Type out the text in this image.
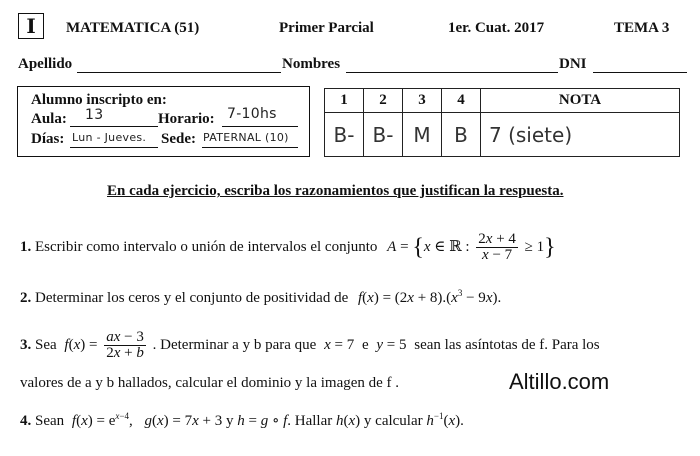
I	MATEMATICA (51)	Primer Parcial	1er. Cuat. 2017	TEMA 3
Apellido	Nombres	DNI
Alumno inscripto en:
Aula: 13	Horario: 7-10hs
Días: Lun - Jueves. Sede: PATERNAL (10)
1	2	3	4	NOTA
B-	B-	M	B	7 (siete)
En cada ejercicio, escriba los razonamientos que justifican la respuesta.
1. Escribir como intervalo o unión de intervalos el conjunto A = {x ∈ ℝ : $\frac{2x + 4}{x - 7} \ge 1$}
2. Determinar los ceros y el conjunto de positividad de $f(x) = (2x + 8).(x^3 - 9x)$.
3. Sea $f(x) = \frac{ax - 3}{2x + b}$ . Determinar a y b para que x = 7 e y = 5 sean las asíntotas de f. Para los
valores de a y b hallados, calcular el dominio y la imagen de f .	Altillo.com
4. Sean $f(x) = e^{x-4}$, g(x) = 7x + 3 y h = g ∘ f. Hallar h(x) y calcular $h^{-1}(x)$.
